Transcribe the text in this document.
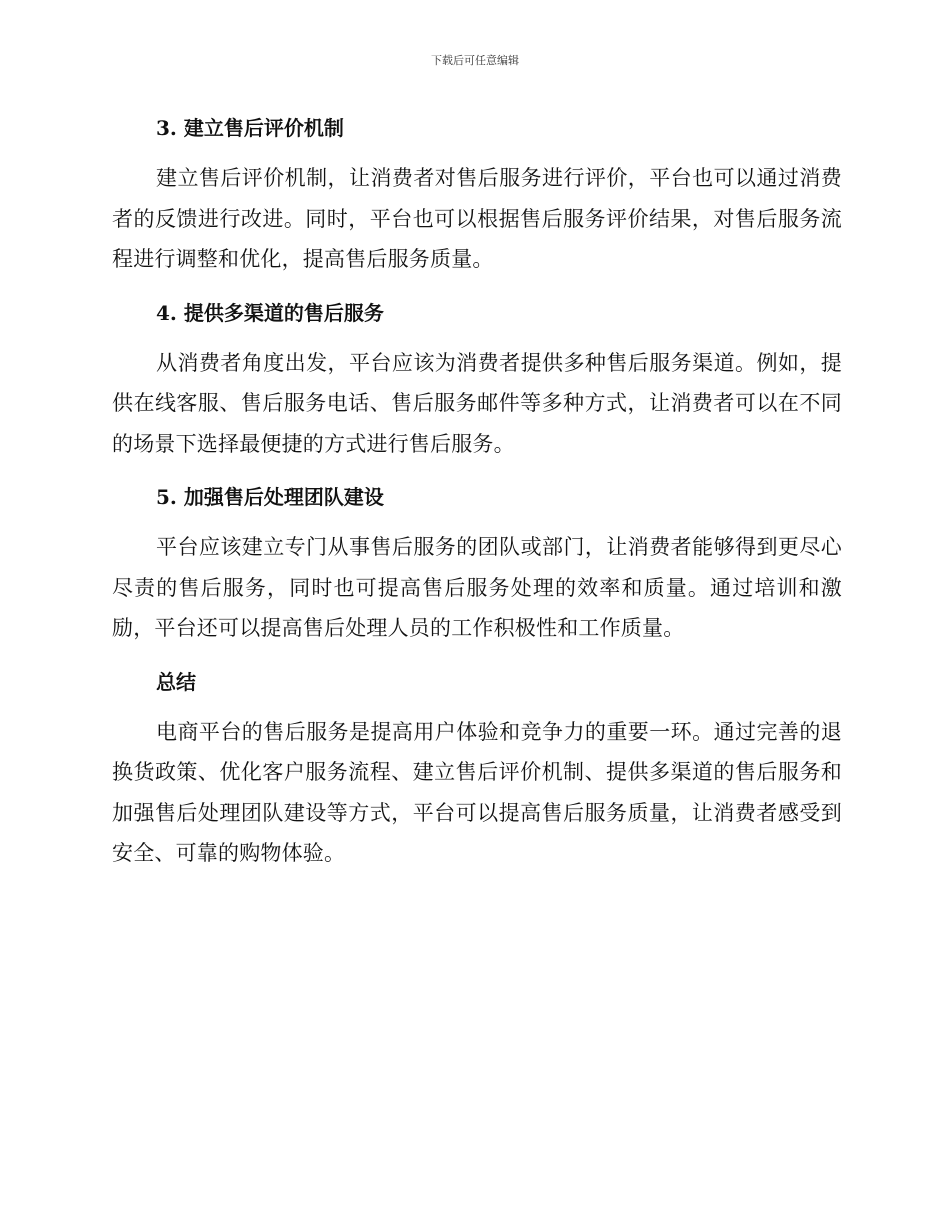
下载后可任意编辑
3. 建立售后评价机制

建立售后评价机制，让消费者对售后服务进行评价，平台也可以通过消费者的反馈进行改进。同时，平台也可以根据售后服务评价结果，对售后服务流程进行调整和优化，提高售后服务质量。

4. 提供多渠道的售后服务

从消费者角度出发，平台应该为消费者提供多种售后服务渠道。例如，提供在线客服、售后服务电话、售后服务邮件等多种方式，让消费者可以在不同的场景下选择最便捷的方式进行售后服务。

5. 加强售后处理团队建设

平台应该建立专门从事售后服务的团队或部门，让消费者能够得到更尽心尽责的售后服务，同时也可提高售后服务处理的效率和质量。通过培训和激励，平台还可以提高售后处理人员的工作积极性和工作质量。

总结

电商平台的售后服务是提高用户体验和竞争力的重要一环。通过完善的退换货政策、优化客户服务流程、建立售后评价机制、提供多渠道的售后服务和加强售后处理团队建设等方式，平台可以提高售后服务质量，让消费者感受到安全、可靠的购物体验。
